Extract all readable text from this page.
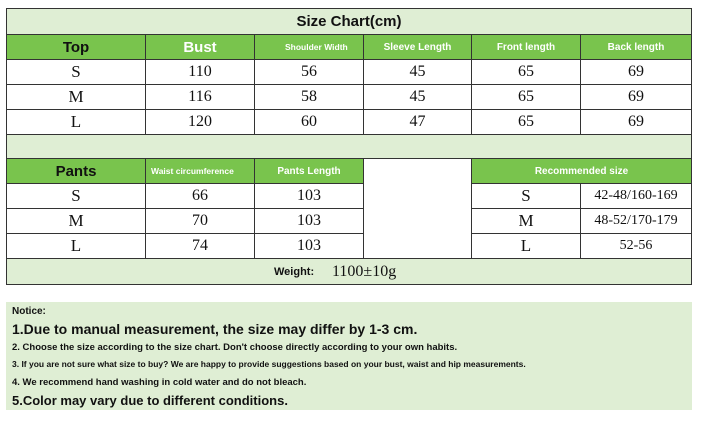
Size Chart(cm)
Top	Bust	Shoulder Width	Sleeve Length	Front length	Back length
S	110	56	45	65	69
M	116	58	45	65	69
L	120	60	47	65	69
Pants	Waist circumference	Pants Length	Recommended size
S	66	103	S	42-48/160-169
M	70	103	M	48-52/170-179
L	74	103	L	52-56
Weight:	1100±10g
Notice:
1.Due to manual measurement, the size may differ by 1-3 cm.
2. Choose the size according to the size chart. Don't choose directly according to your own habits.
3. If you are not sure what size to buy? We are happy to provide suggestions based on your bust, waist and hip measurements.
4. We recommend hand washing in cold water and do not bleach.
5.Color may vary due to different conditions.
